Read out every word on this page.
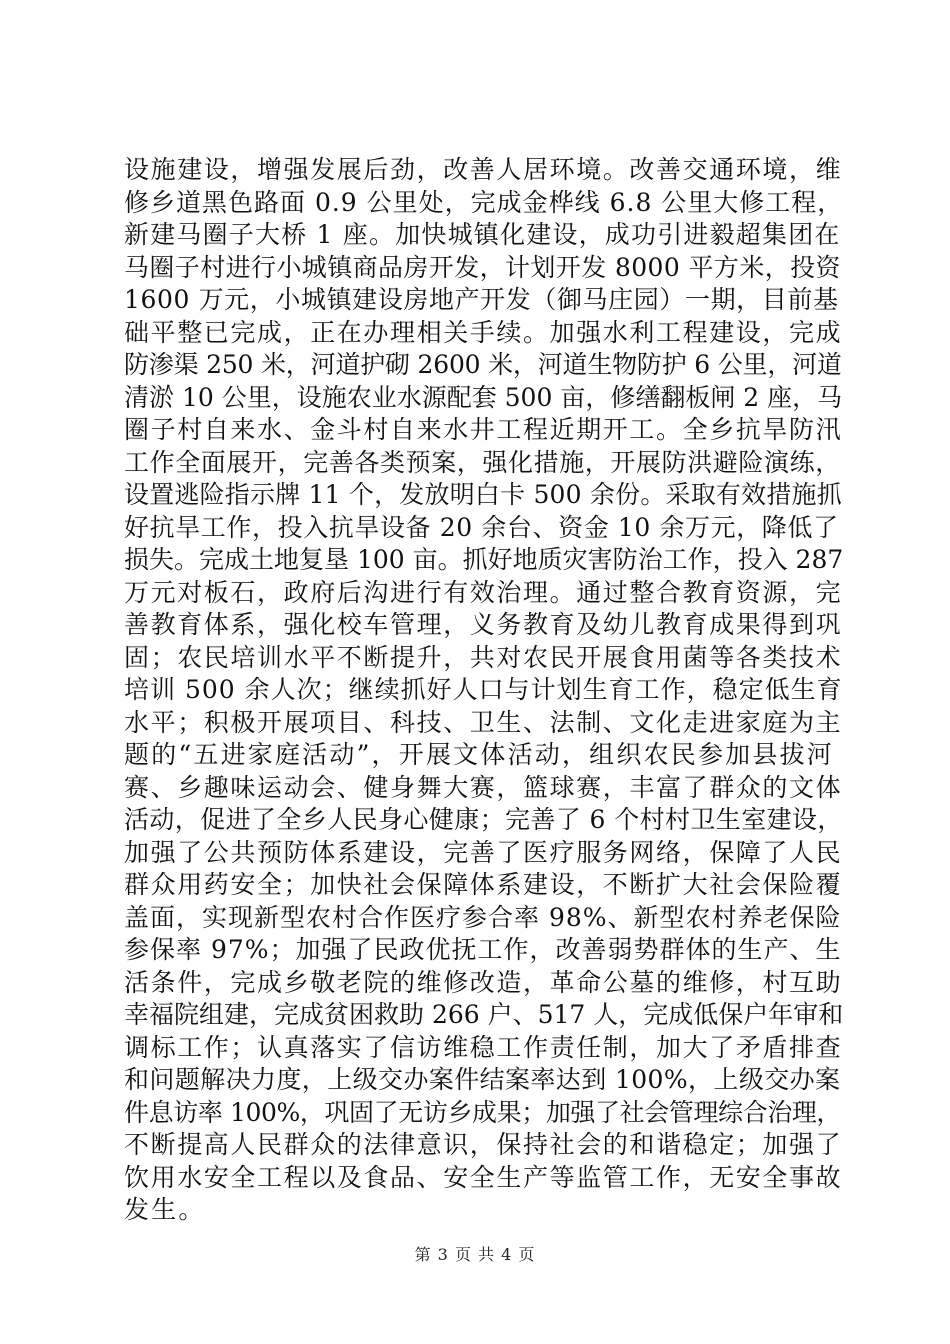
设施建设，增强发展后劲，改善人居环境。改善交通环境，维
修乡道黑色路面 0.9 公里处，完成金桦线 6.8 公里大修工程，
新建马圈子大桥 1 座。加快城镇化建设，成功引进毅超集团在
马圈子村进行小城镇商品房开发，计划开发 8000 平方米，投资
1600 万元，小城镇建设房地产开发（御马庄园）一期，目前基
础平整已完成，正在办理相关手续。加强水利工程建设，完成
防渗渠 250 米，河道护砌 2600 米，河道生物防护 6 公里，河道
清淤 10 公里，设施农业水源配套 500 亩，修缮翻板闸 2 座，马
圈子村自来水、金斗村自来水井工程近期开工。全乡抗旱防汛
工作全面展开，完善各类预案，强化措施，开展防洪避险演练，
设置逃险指示牌 11 个，发放明白卡 500 余份。采取有效措施抓
好抗旱工作，投入抗旱设备 20 余台、资金 10 余万元，降低了
损失。完成土地复垦 100 亩。抓好地质灾害防治工作，投入 287
万元对板石，政府后沟进行有效治理。通过整合教育资源，完
善教育体系，强化校车管理，义务教育及幼儿教育成果得到巩
固；农民培训水平不断提升，共对农民开展食用菌等各类技术
培训 500 余人次；继续抓好人口与计划生育工作，稳定低生育
水平；积极开展项目、科技、卫生、法制、文化走进家庭为主
题的“五进家庭活动”，开展文体活动，组织农民参加县拔河
赛、乡趣味运动会、健身舞大赛，篮球赛，丰富了群众的文体
活动，促进了全乡人民身心健康；完善了 6 个村村卫生室建设，
加强了公共预防体系建设，完善了医疗服务网络，保障了人民
群众用药安全；加快社会保障体系建设，不断扩大社会保险覆
盖面，实现新型农村合作医疗参合率 98%、新型农村养老保险
参保率 97%；加强了民政优抚工作，改善弱势群体的生产、生
活条件，完成乡敬老院的维修改造，革命公墓的维修，村互助
幸福院组建，完成贫困救助 266 户、517 人，完成低保户年审和
调标工作；认真落实了信访维稳工作责任制，加大了矛盾排查
和问题解决力度，上级交办案件结案率达到 100%，上级交办案
件息访率 100%，巩固了无访乡成果；加强了社会管理综合治理，
不断提高人民群众的法律意识，保持社会的和谐稳定；加强了
饮用水安全工程以及食品、安全生产等监管工作，无安全事故
发生。
第 3 页 共 4 页
